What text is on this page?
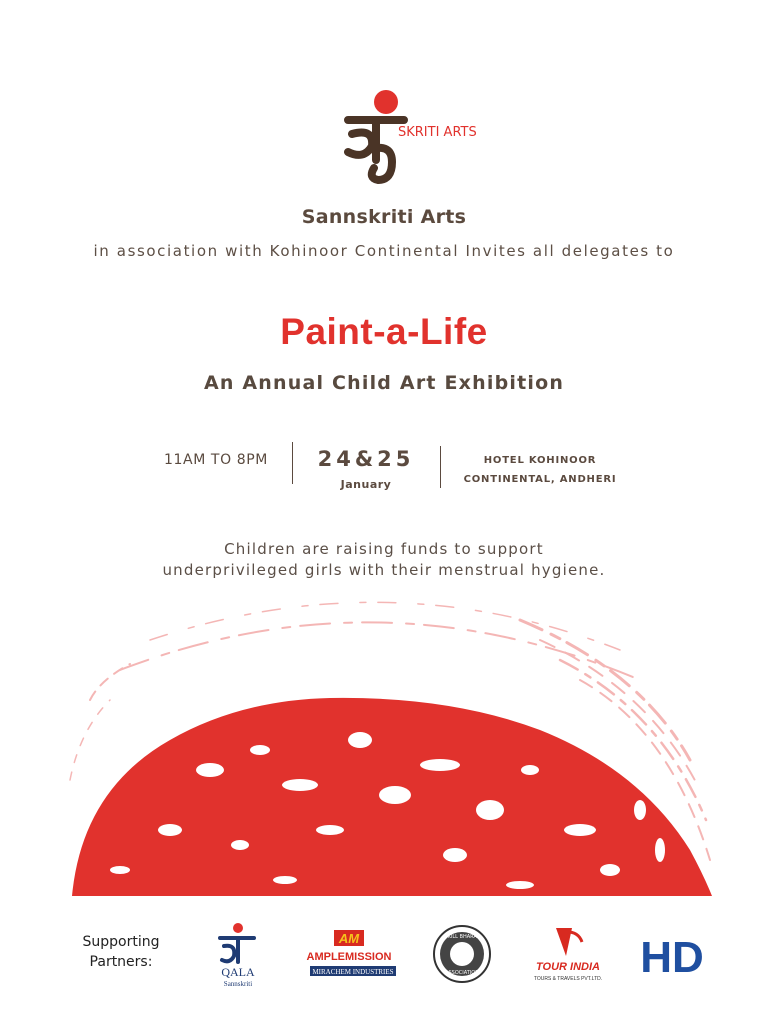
SKRITI ARTS
Sannskriti Arts
in association with Kohinoor Continental Invites all delegates to
Paint-a-Life
An Annual Child Art Exhibition
11AM TO 8PM	24&25
January
HOTEL KOHINOOR
CONTINENTAL, ANDHERI
Children are raising funds to support
underprivileged girls with their menstrual hygiene.
Supporting
Partners:
QALA
Sannskriti
AM
AMPLEMISSION
MIRACHEM INDUSTRIES
SKILL BHARAT
ASSOCIATION	TOUR INDIA
TOURS & TRAVELS PVT.LTD. HD
